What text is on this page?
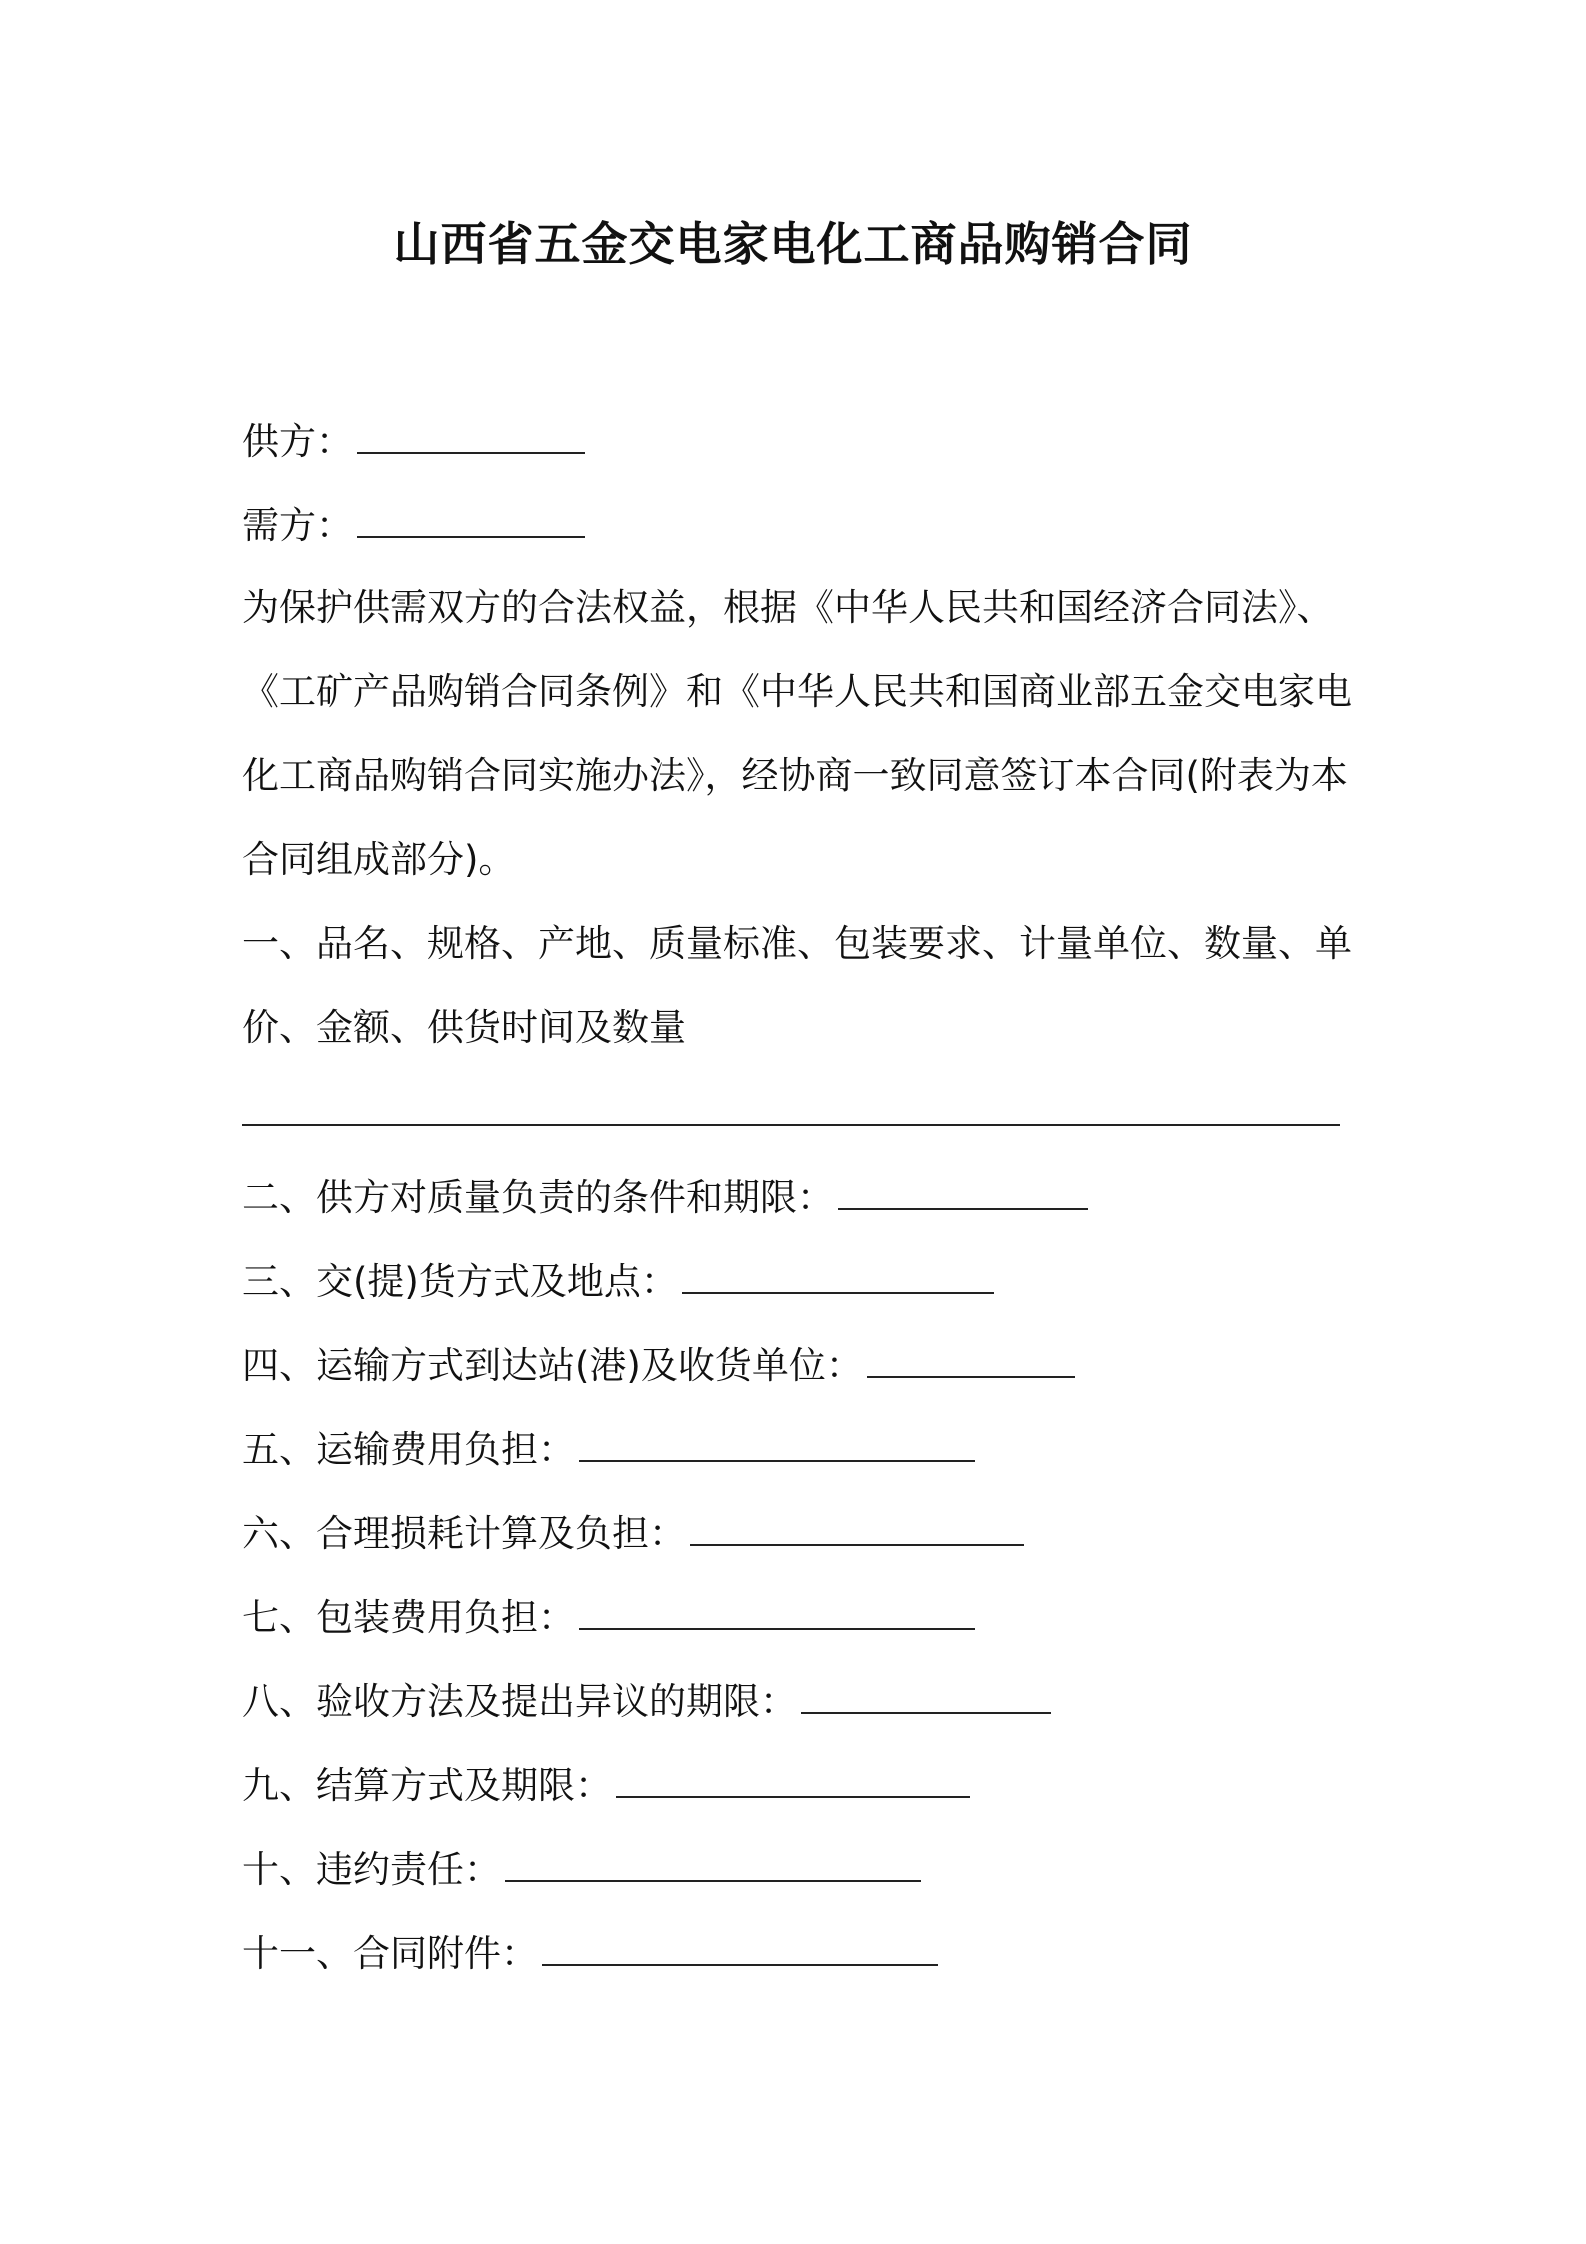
山西省五金交电家电化工商品购销合同
供方：
需方：
为保护供需双方的合法权益，根据《中华人民共和国经济合同法》、
《工矿产品购销合同条例》和《中华人民共和国商业部五金交电家电
化工商品购销合同实施办法》，经协商一致同意签订本合同(附表为本
合同组成部分)。
一、品名、规格、产地、质量标准、包装要求、计量单位、数量、单
价、金额、供货时间及数量
二、供方对质量负责的条件和期限：
三、交(提)货方式及地点：
四、运输方式到达站(港)及收货单位：
五、运输费用负担：
六、合理损耗计算及负担：
七、包装费用负担：
八、验收方法及提出异议的期限：
九、结算方式及期限：
十、违约责任：
十一、合同附件：
